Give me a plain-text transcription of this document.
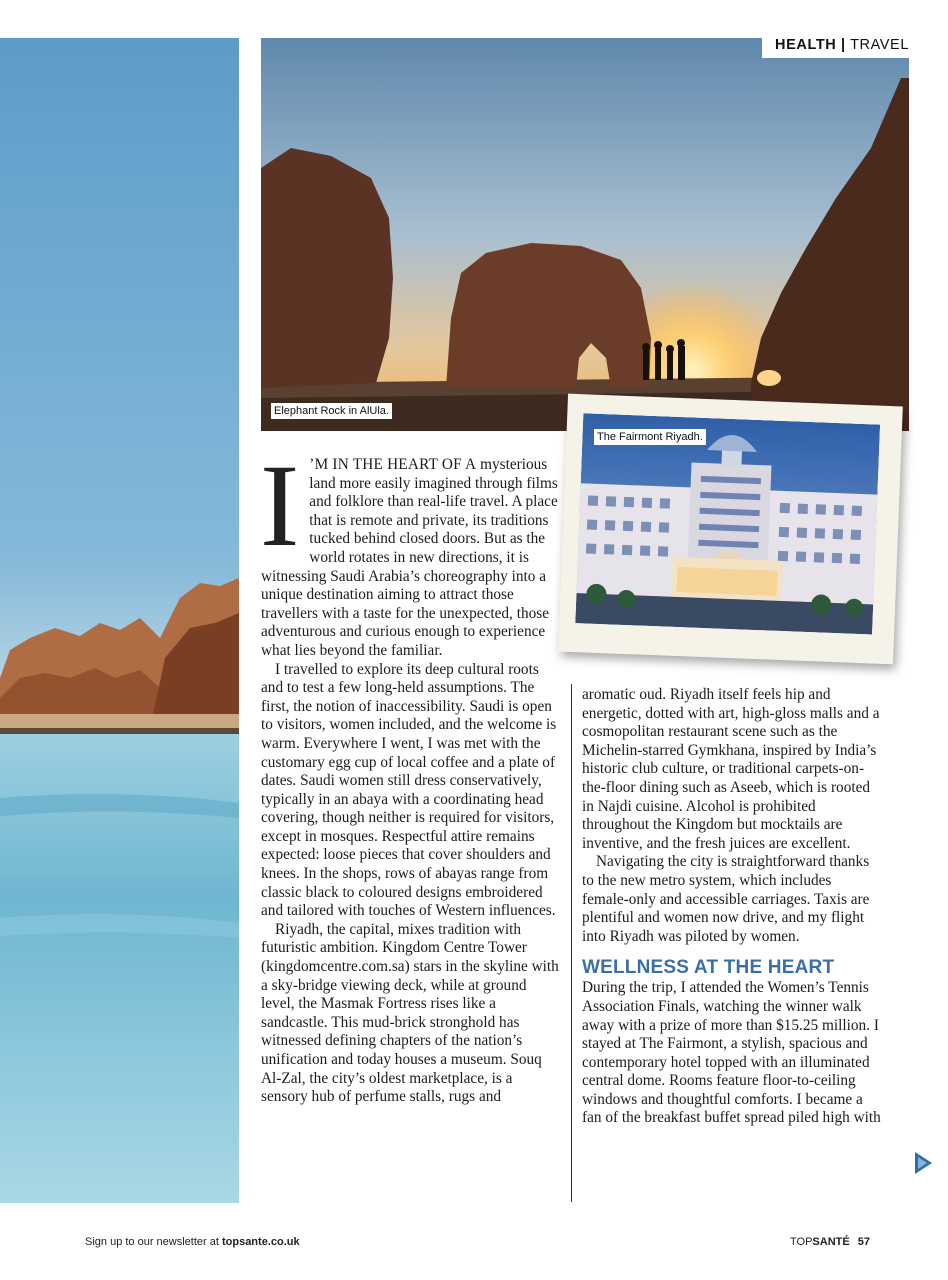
Elephant Rock in AlUla.
HEALTH | TRAVEL
The Fairmont Riyadh.

I ’M IN THE HEART OF A mysterious land more easily imagined through films and folklore than real-life travel. A place that is remote and private, its traditions tucked behind closed doors. But as the world rotates in new directions, it is witnessing Saudi Arabia’s choreography into a unique destination aiming to attract those travellers with a taste for the unexpected, those adventurous and curious enough to experience what lies beyond the familiar.

I travelled to explore its deep cultural roots and to test a few long-held assumptions. The first, the notion of inaccessibility. Saudi is open to visitors, women included, and the welcome is warm. Everywhere I went, I was met with the customary egg cup of local coffee and a plate of dates. Saudi women still dress conservatively, typically in an abaya with a coordinating head covering, though neither is required for visitors, except in mosques. Respectful attire remains expected: loose pieces that cover shoulders and knees. In the shops, rows of abayas range from classic black to coloured designs embroidered and tailored with touches of Western influences.

Riyadh, the capital, mixes tradition with futuristic ambition. Kingdom Centre Tower (kingdomcentre.com.sa) stars in the skyline with a sky-bridge viewing deck, while at ground level, the Masmak Fortress rises like a sandcastle. This mud-brick stronghold has witnessed defining chapters of the nation’s unification and today houses a museum. Souq Al-Zal, the city’s oldest marketplace, is a sensory hub of perfume stalls, rugs and

aromatic oud. Riyadh itself feels hip and energetic, dotted with art, high-gloss malls and a cosmopolitan restaurant scene such as the Michelin-starred Gymkhana, inspired by India’s historic club culture, or traditional carpets-on-the-floor dining such as Aseeb, which is rooted in Najdi cuisine. Alcohol is prohibited throughout the Kingdom but mocktails are inventive, and the fresh juices are excellent.

Navigating the city is straightforward thanks to the new metro system, which includes female-only and accessible carriages. Taxis are plentiful and women now drive, and my flight into Riyadh was piloted by women.

WELLNESS AT THE HEART

During the trip, I attended the Women’s Tennis Association Finals, watching the winner walk away with a prize of more than $15.25 million. I stayed at The Fairmont, a stylish, spacious and contemporary hotel topped with an illuminated central dome. Rooms feature floor-to-ceiling windows and thoughtful comforts. I became a fan of the breakfast buffet spread piled high with

Sign up to our newsletter at topsante.co.uk	TOPSANTÉ 57
